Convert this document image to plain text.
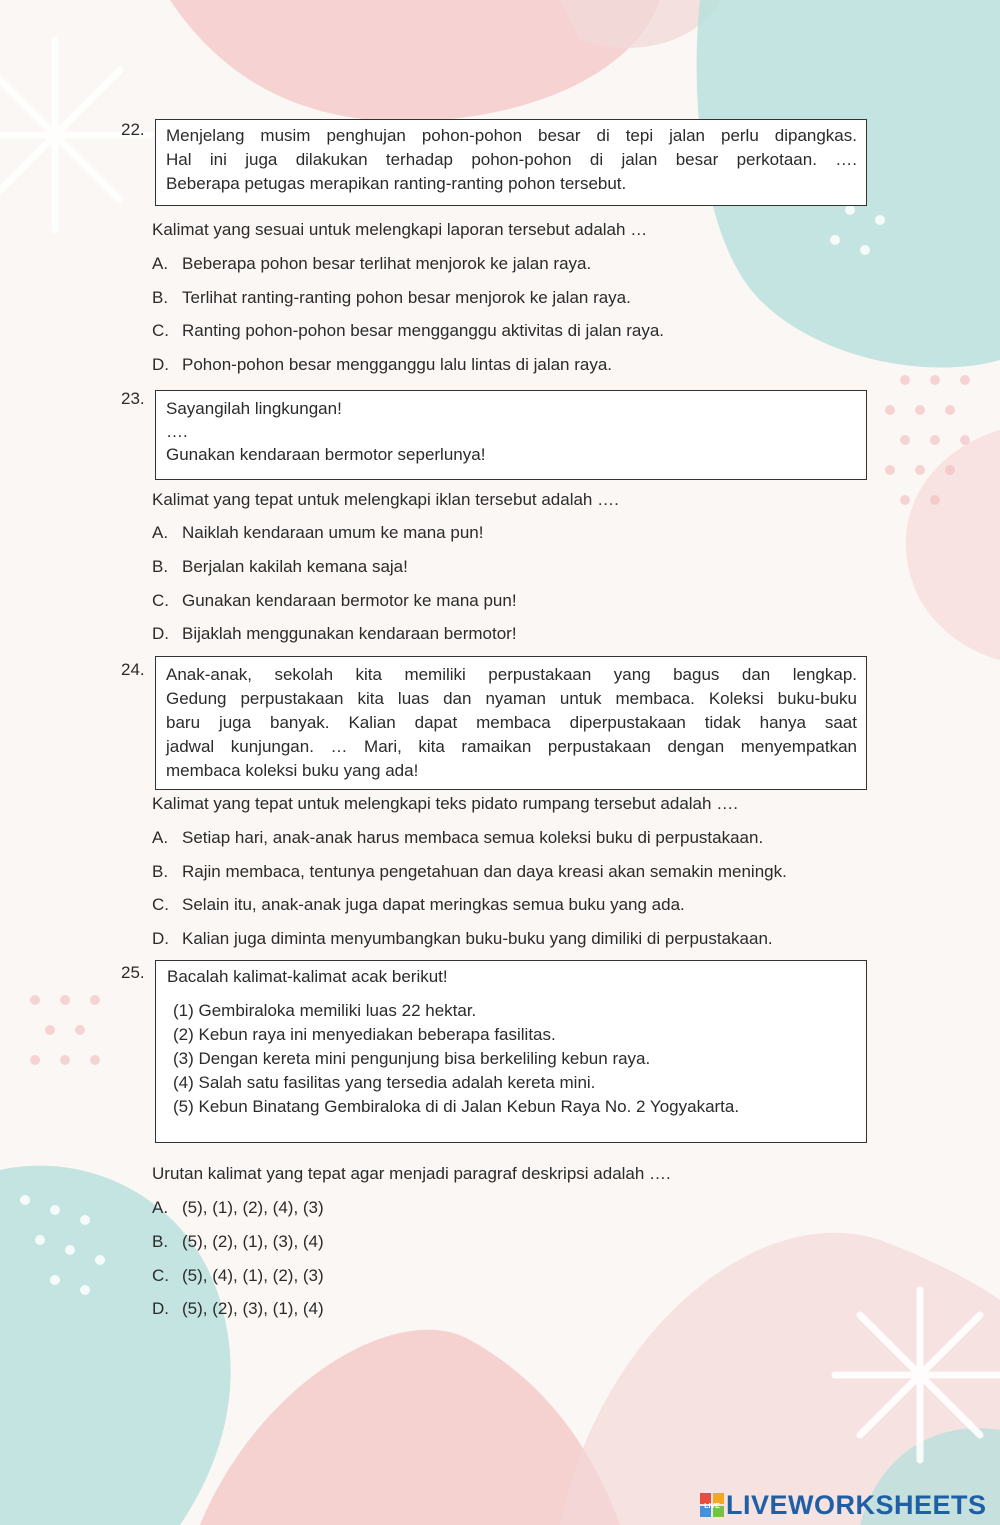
22. Menjelang musim penghujan pohon-pohon besar di tepi jalan perlu dipangkas.
Hal ini juga dilakukan terhadap pohon-pohon di jalan besar perkotaan. ….
Beberapa petugas merapikan ranting-ranting pohon tersebut.
Kalimat yang sesuai untuk melengkapi laporan tersebut adalah …
A. Beberapa pohon besar terlihat menjorok ke jalan raya.
B. Terlihat ranting-ranting pohon besar menjorok ke jalan raya.
C. Ranting pohon-pohon besar mengganggu aktivitas di jalan raya.
D. Pohon-pohon besar mengganggu lalu lintas di jalan raya.
23.
Sayangilah lingkungan!
….
Gunakan kendaraan bermotor seperlunya!
Kalimat yang tepat untuk melengkapi iklan tersebut adalah ….
A. Naiklah kendaraan umum ke mana pun!
B. Berjalan kakilah kemana saja!
C. Gunakan kendaraan bermotor ke mana pun!
D. Bijaklah menggunakan kendaraan bermotor!
24. Anak-anak, sekolah kita memiliki perpustakaan yang bagus dan lengkap.
Gedung perpustakaan kita luas dan nyaman untuk membaca. Koleksi buku-buku
baru juga banyak. Kalian dapat membaca diperpustakaan tidak hanya saat
jadwal kunjungan. … Mari, kita ramaikan perpustakaan dengan menyempatkan
membaca koleksi buku yang ada!
Kalimat yang tepat untuk melengkapi teks pidato rumpang tersebut adalah ….
A. Setiap hari, anak-anak harus membaca semua koleksi buku di perpustakaan.
B. Rajin membaca, tentunya pengetahuan dan daya kreasi akan semakin meningk.
C. Selain itu, anak-anak juga dapat meringkas semua buku yang ada.
D. Kalian juga diminta menyumbangkan buku-buku yang dimiliki di perpustakaan.
25. Bacalah kalimat-kalimat acak berikut!
(1) Gembiraloka memiliki luas 22 hektar.
(2) Kebun raya ini menyediakan beberapa fasilitas.
(3) Dengan kereta mini pengunjung bisa berkeliling kebun raya.
(4) Salah satu fasilitas yang tersedia adalah kereta mini.
(5) Kebun Binatang Gembiraloka di di Jalan Kebun Raya No. 2 Yogyakarta.
Urutan kalimat yang tepat agar menjadi paragraf deskripsi adalah ….
A. (5), (1), (2), (4), (3)
B. (5), (2), (1), (3), (4)
C. (5), (4), (1), (2), (3)
D. (5), (2), (3), (1), (4)
LIVE LIVEWORKSHEETS
